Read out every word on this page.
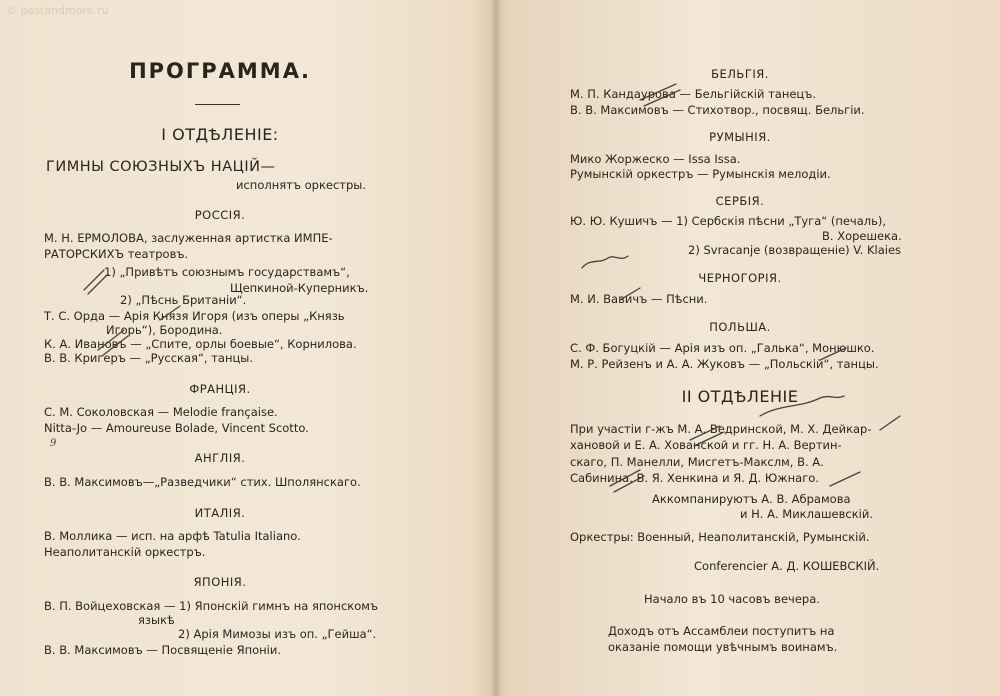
© pastandmore.ru
ПРОГРАММА.
I ОТДѢЛЕНІЕ:
ГИМНЫ СОЮЗНЫХЪ НАЦІЙ—
исполнятъ оркестры.
РОССІЯ.
М. Н. ЕРМОЛОВА, заслуженная артистка ИМПЕ-
РАТОРСКИХЪ театровъ.
1) „Привѣтъ союзнымъ государствамъ“,
Щепкиной-Куперникъ.
2) „Пѣснь Британіи“.
Т. С. Орда — Арія Князя Игоря (изъ оперы „Князь
Игорь“), Бородина.
К. А. Ивановъ — „Спите, орлы боевые“, Корнилова.
В. В. Кригеръ — „Русская“, танцы.
ФРАНЦІЯ.
С. М. Соколовская — Melodie française.
Nitta-Jo — Amoureuse Bolade, Vincent Scotto.
АНГЛІЯ.
В. В. Максимовъ—„Разведчики“ стих. Шполянскаго.
ИТАЛІЯ.
В. Моллика — исп. на арфѣ Tatulia Italiano.
Неаполитанскій оркестръ.
ЯПОНІЯ.
В. П. Войцеховская — 1) Японскій гимнъ на японскомъ
языкѣ
2) Арія Мимозы изъ оп. „Гейша“.
В. В. Максимовъ — Посвященіе Японіи.
9
БЕЛЬГІЯ.
М. П. Кандаурова — Бельгійскій танецъ.
В. В. Максимовъ — Стихотвор., посвящ. Бельгіи.
РУМЫНІЯ.
Мико Жоржеско — Issa Issa.
Румынскій оркестръ — Румынскія мелодіи.
СЕРБІЯ.
Ю. Ю. Кушичъ — 1) Сербскія пѣсни „Туга“ (печаль),
В. Хорешека.
2) Svracanje (возвращеніе) V. Klaies
ЧЕРНОГОРІЯ.
М. И. Вавичъ — Пѣсни.
ПОЛЬША.
С. Ф. Богуцкій — Арія изъ оп. „Галька“, Монюшко.
М. Р. Рейзенъ и А. А. Жуковъ — „Польскій“, танцы.
II ОТДѢЛЕНІЕ
При участіи г-жъ М. А. Ведринской, М. Х. Дейкар-
хановой и Е. А. Хованской и гг. Н. А. Вертин-
скаго, П. Манелли, Мисгетъ-Макслм, В. А.
Сабинина, В. Я. Хенкина и Я. Д. Южнаго.
Аккомпанируютъ А. В. Абрамова
и Н. А. Миклашевскій.
Оркестры: Военный, Неаполитанскій, Румынскій.
Conferencier А. Д. КОШЕВСКІЙ.
Начало въ 10 часовъ вечера.
Доходъ отъ Ассамблеи поступитъ на
оказаніе помощи увѣчнымъ воинамъ.
